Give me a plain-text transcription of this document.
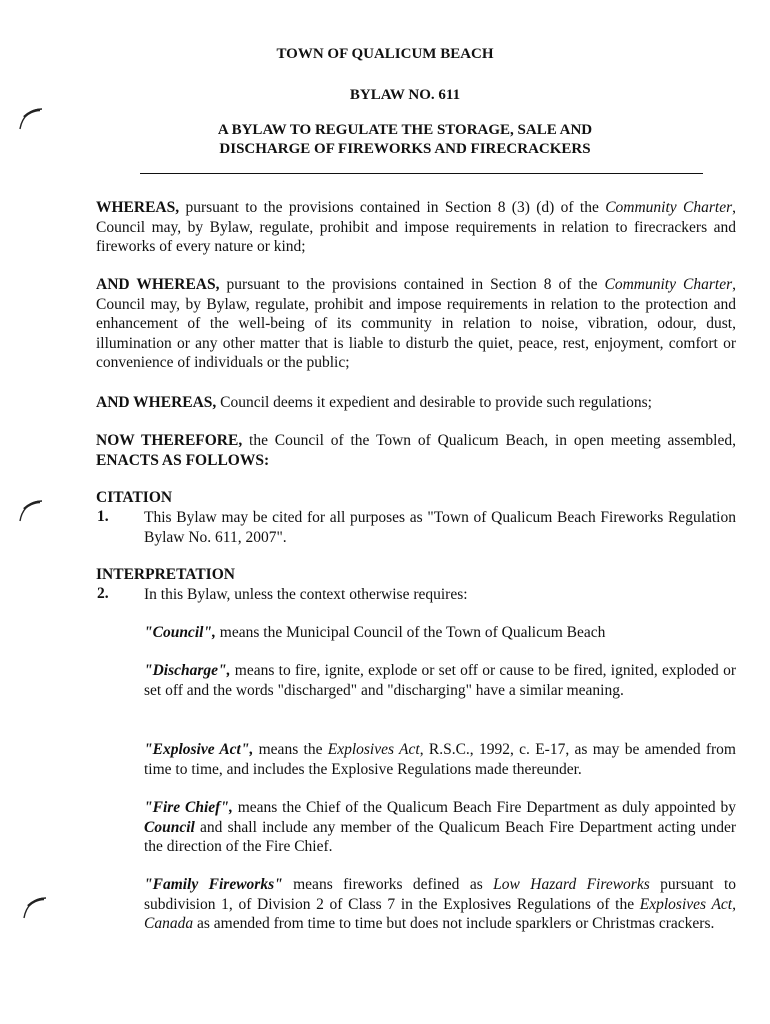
TOWN OF QUALICUM BEACH

BYLAW NO. 611

A BYLAW TO REGULATE THE STORAGE, SALE AND

DISCHARGE OF FIREWORKS AND FIRECRACKERS

WHEREAS, pursuant to the provisions contained in Section 8 (3) (d) of the Community Charter, Council may, by Bylaw, regulate, prohibit and impose requirements in relation to firecrackers and fireworks of every nature or kind;

AND WHEREAS, pursuant to the provisions contained in Section 8 of the Community Charter, Council may, by Bylaw, regulate, prohibit and impose requirements in relation to the protection and enhancement of the well-being of its community in relation to noise, vibration, odour, dust, illumination or any other matter that is liable to disturb the quiet, peace, rest, enjoyment, comfort or convenience of individuals or the public;

AND WHEREAS, Council deems it expedient and desirable to provide such regulations;

NOW THEREFORE, the Council of the Town of Qualicum Beach, in open meeting assembled, ENACTS AS FOLLOWS:

CITATION

1. This Bylaw may be cited for all purposes as "Town of Qualicum Beach Fireworks Regulation Bylaw No. 611, 2007".

INTERPRETATION

2. In this Bylaw, unless the context otherwise requires:

"Council", means the Municipal Council of the Town of Qualicum Beach

"Discharge", means to fire, ignite, explode or set off or cause to be fired, ignited, exploded or set off and the words "discharged" and "discharging" have a similar meaning.

"Explosive Act", means the Explosives Act, R.S.C., 1992, c. E-17, as may be amended from time to time, and includes the Explosive Regulations made thereunder.

"Fire Chief", means the Chief of the Qualicum Beach Fire Department as duly appointed by Council and shall include any member of the Qualicum Beach Fire Department acting under the direction of the Fire Chief.

"Family Fireworks" means fireworks defined as Low Hazard Fireworks pursuant to subdivision 1, of Division 2 of Class 7 in the Explosives Regulations of the Explosives Act, Canada as amended from time to time but does not include sparklers or Christmas crackers.
